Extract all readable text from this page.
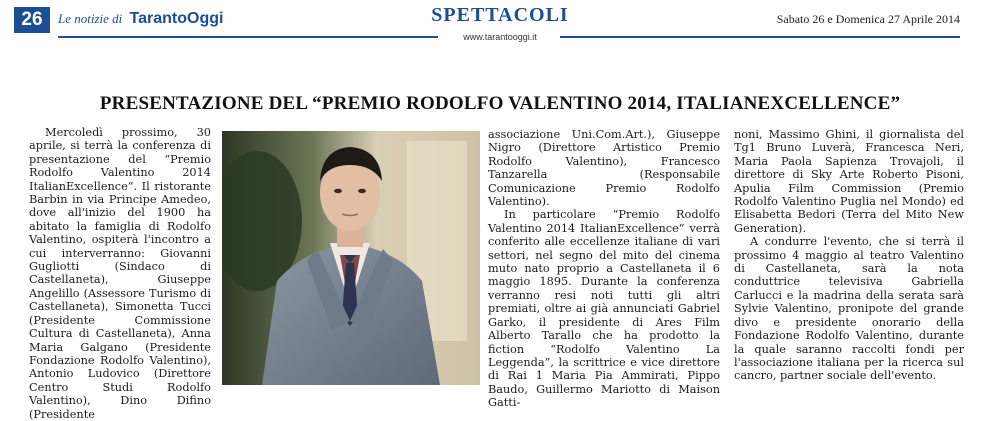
26	Le notizie di TarantoOggi	SPETTACOLI	Sabato 26 e Domenica 27 Aprile 2014
www.tarantooggi.it
PRESENTAZIONE DEL “PREMIO RODOLFO VALENTINO 2014, ITALIANEXCELLENCE”

Mercoledì prossimo, 30 aprile, si terrà la conferenza di presentazione del “Premio Rodolfo Valentino 2014 ItalianExcellence”. Il ristorante Barbin in via Principe Amedeo, dove all'inizio del 1900 ha abitato la famiglia di Rodolfo Valentino, ospiterà l'incontro a cui interverranno: Giovanni Gugliotti (Sindaco di Castellaneta), Giuseppe Angelillo (Assessore Turismo di Castellaneta), Simonetta Tucci (Presidente Commissione Cultura di Castellaneta), Anna Maria Galgano (Presidente Fondazione Rodolfo Valentino), Antonio Ludovico (Direttore Centro Studi Rodolfo Valentino), Dino Difino (Presidente

associazione Uni.Com.Art.), Giuseppe Nigro (Direttore Artistico Premio Rodolfo Valentino), Francesco Tanzarella (Responsabile Comunicazione Premio Rodolfo Valentino).

In particolare “Premio Rodolfo Valentino 2014 ItalianExcellence” verrà conferito alle eccellenze italiane di vari settori, nel segno del mito del cinema muto nato proprio a Castellaneta il 6 maggio 1895. Durante la conferenza verranno resi noti tutti gli altri premiati, oltre ai già annunciati Gabriel Garko, il presidente di Ares Film Alberto Tarallo che ha prodotto la fiction “Rodolfo Valentino La Leggenda”, la scrittrice e vice direttore di Rai 1 Maria Pia Ammirati, Pippo Baudo, Guillermo Mariotto di Maison Gatti-

noni, Massimo Ghini, il giornalista del Tg1 Bruno Luverà, Francesca Neri, Maria Paola Sapienza Trovajoli, il direttore di Sky Arte Roberto Pisoni, Apulia Film Commission (Premio Rodolfo Valentino Puglia nel Mondo) ed Elisabetta Bedori (Terra del Mito New Generation).

A condurre l'evento, che si terrà il prossimo 4 maggio al teatro Valentino di Castellaneta, sarà la nota conduttrice televisiva Gabriella Carlucci e la madrina della serata sarà Sylvie Valentino, pronipote del grande divo e presidente onorario della Fondazione Rodolfo Valentino, durante la quale saranno raccolti fondi per l'associazione italiana per la ricerca sul cancro, partner sociale dell'evento.
